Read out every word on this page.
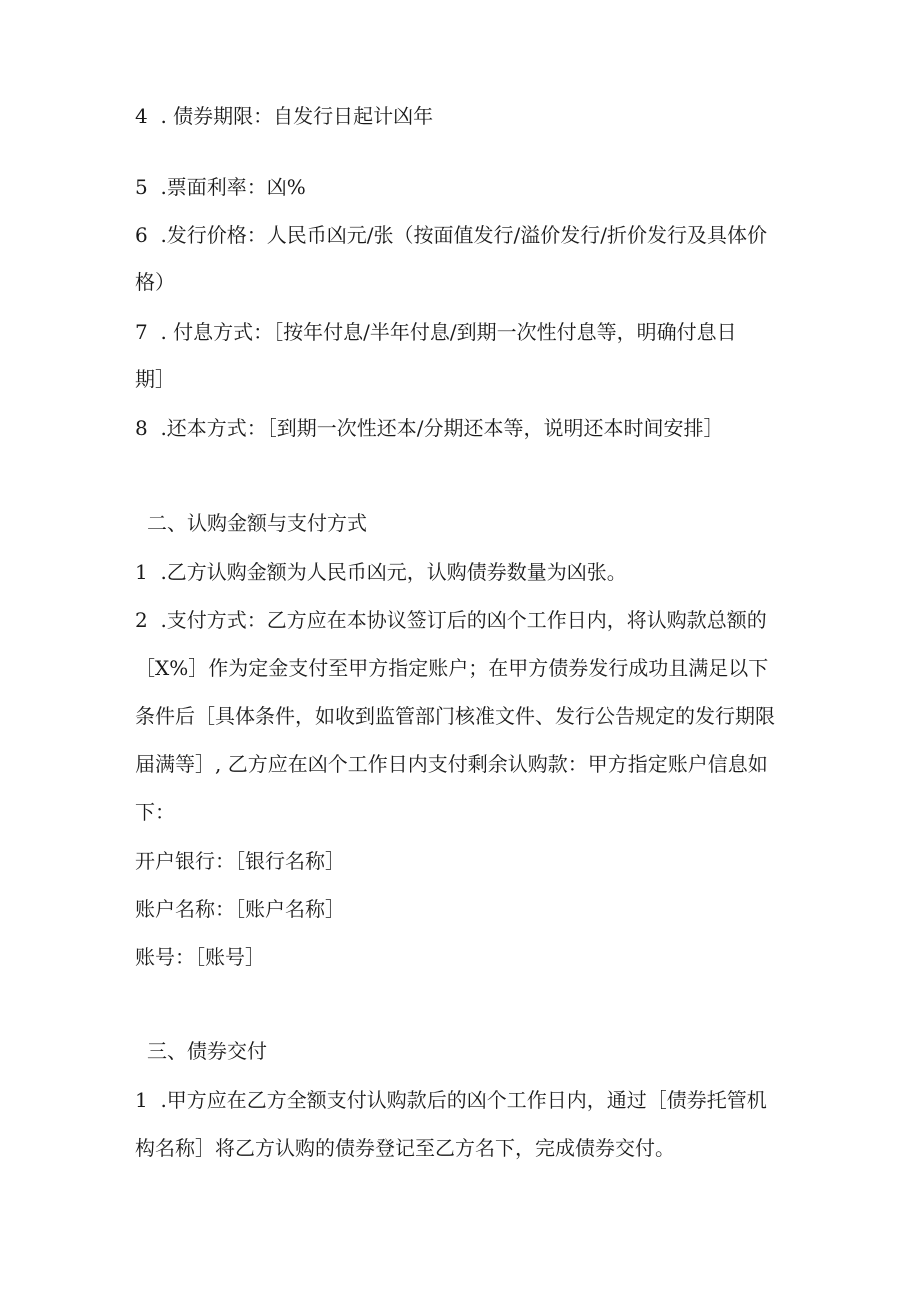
4  . 债券期限：自发行日起计凶年
5  .票面利率：凶%
6  .发行价格：人民币凶元/张（按面值发行/溢价发行/折价发行及具体价
格）
7  . 付息方式：［按年付息/半年付息/到期一次性付息等，明确付息日
期］
8  .还本方式：［到期一次性还本/分期还本等，说明还本时间安排］
二、认购金额与支付方式
1  .乙方认购金额为人民币凶元，认购债券数量为凶张。
2  .支付方式：乙方应在本协议签订后的凶个工作日内，将认购款总额的
［X%］作为定金支付至甲方指定账户；在甲方债券发行成功且满足以下
条件后［具体条件，如收到监管部门核准文件、发行公告规定的发行期限
届满等］, 乙方应在凶个工作日内支付剩余认购款：甲方指定账户信息如
下：
开户银行：［银行名称］
账户名称：［账户名称］
账号：［账号］
三、债券交付
1  .甲方应在乙方全额支付认购款后的凶个工作日内，通过［债券托管机
构名称］将乙方认购的债券登记至乙方名下，完成债券交付。
